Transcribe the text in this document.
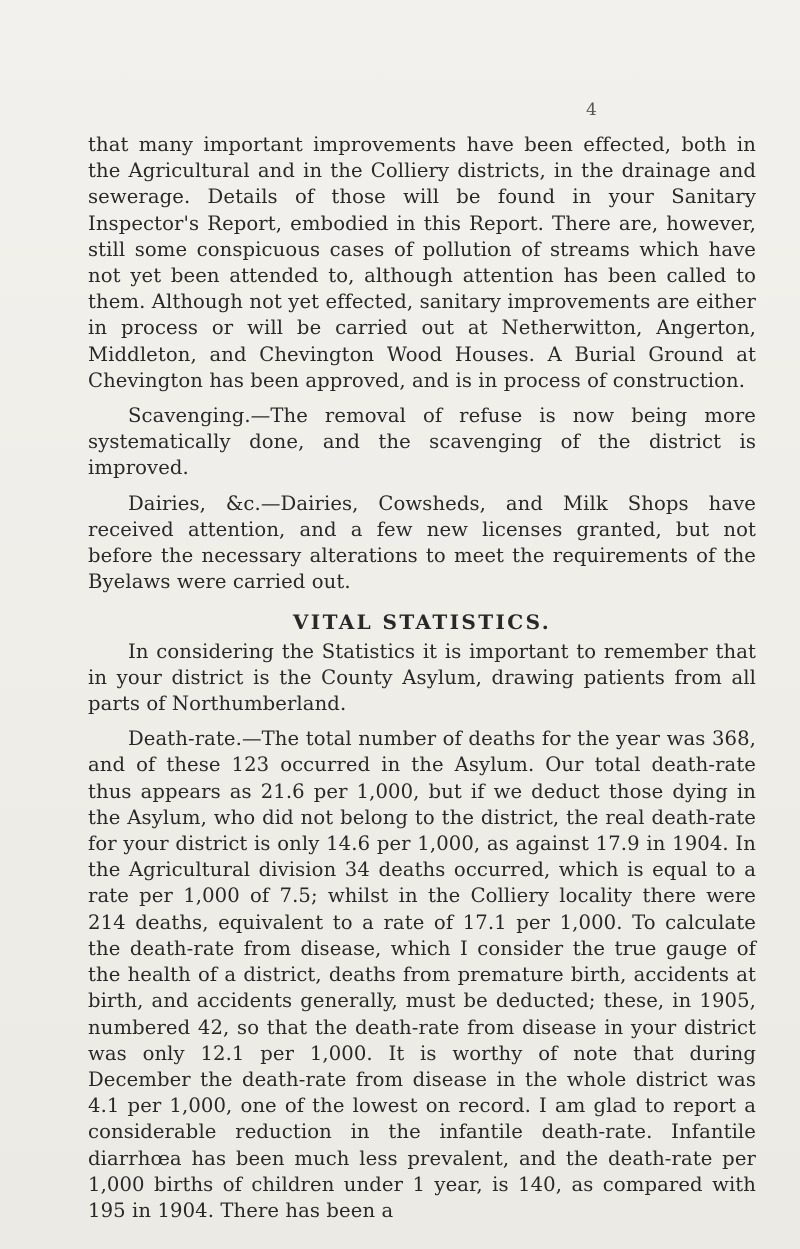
4

that many important improvements have been effected, both in the Agricultural and in the Colliery districts, in the drainage and sewerage. Details of those will be found in your Sanitary Inspector's Report, embodied in this Report. There are, however, still some conspicuous cases of pollution of streams which have not yet been attended to, although attention has been called to them. Although not yet effected, sanitary improvements are either in process or will be carried out at Netherwitton, Angerton, Middleton, and Chevington Wood Houses. A Burial Ground at Chevington has been approved, and is in process of construction.

Scavenging.—The removal of refuse is now being more systematically done, and the scavenging of the district is improved.

Dairies, &c.—Dairies, Cowsheds, and Milk Shops have received attention, and a few new licenses granted, but not before the necessary alterations to meet the requirements of the Byelaws were carried out.

VITAL STATISTICS.

In considering the Statistics it is important to remember that in your district is the County Asylum, drawing patients from all parts of Northumberland.

Death-rate.—The total number of deaths for the year was 368, and of these 123 occurred in the Asylum. Our total death-rate thus appears as 21.6 per 1,000, but if we deduct those dying in the Asylum, who did not belong to the district, the real death-rate for your district is only 14.6 per 1,000, as against 17.9 in 1904. In the Agricultural division 34 deaths occurred, which is equal to a rate per 1,000 of 7.5; whilst in the Colliery locality there were 214 deaths, equivalent to a rate of 17.1 per 1,000. To calculate the death-rate from disease, which I consider the true gauge of the health of a district, deaths from premature birth, accidents at birth, and accidents generally, must be deducted; these, in 1905, numbered 42, so that the death-rate from disease in your district was only 12.1 per 1,000. It is worthy of note that during December the death-rate from disease in the whole district was 4.1 per 1,000, one of the lowest on record. I am glad to report a considerable reduction in the infantile death-rate. Infantile diarrhœa has been much less prevalent, and the death-rate per 1,000 births of children under 1 year, is 140, as compared with 195 in 1904. There has been a
